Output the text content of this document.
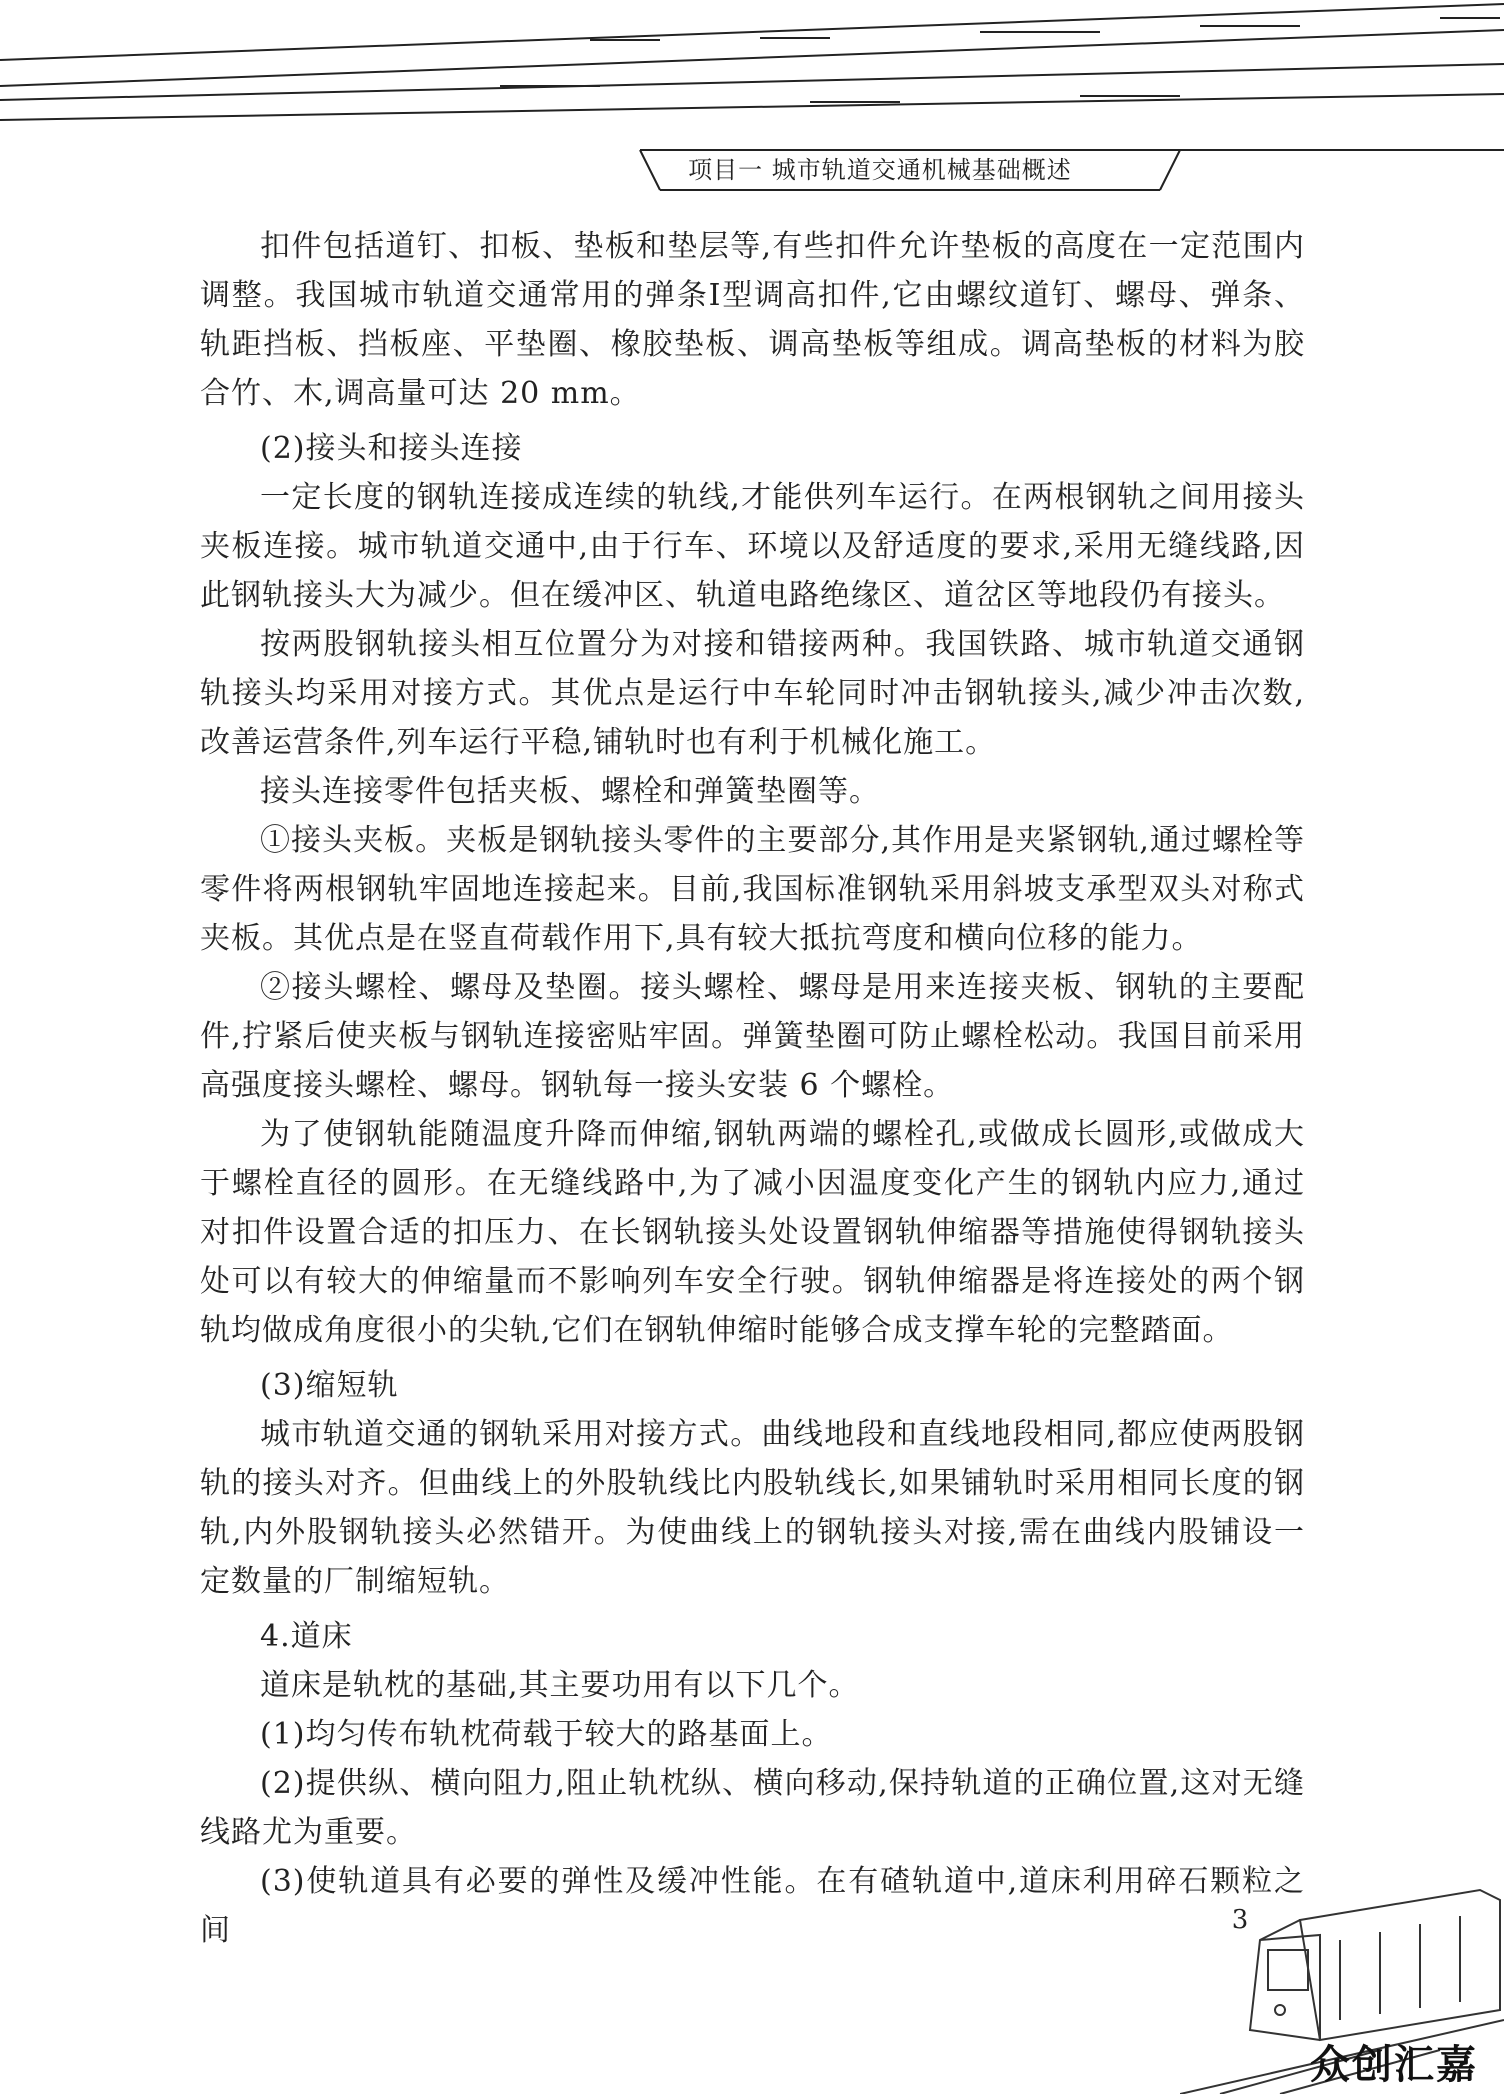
项目一 城市轨道交通机械基础概述

扣件包括道钉、扣板、垫板和垫层等,有些扣件允许垫板的高度在一定范围内调整。我国城市轨道交通常用的弹条Ⅰ型调高扣件,它由螺纹道钉、螺母、弹条、轨距挡板、挡板座、平垫圈、橡胶垫板、调高垫板等组成。调高垫板的材料为胶合竹、木,调高量可达 20 mm。

(2)接头和接头连接

一定长度的钢轨连接成连续的轨线,才能供列车运行。在两根钢轨之间用接头夹板连接。城市轨道交通中,由于行车、环境以及舒适度的要求,采用无缝线路,因此钢轨接头大为减少。但在缓冲区、轨道电路绝缘区、道岔区等地段仍有接头。

按两股钢轨接头相互位置分为对接和错接两种。我国铁路、城市轨道交通钢轨接头均采用对接方式。其优点是运行中车轮同时冲击钢轨接头,减少冲击次数,改善运营条件,列车运行平稳,铺轨时也有利于机械化施工。

接头连接零件包括夹板、螺栓和弹簧垫圈等。

①接头夹板。夹板是钢轨接头零件的主要部分,其作用是夹紧钢轨,通过螺栓等零件将两根钢轨牢固地连接起来。目前,我国标准钢轨采用斜坡支承型双头对称式夹板。其优点是在竖直荷载作用下,具有较大抵抗弯度和横向位移的能力。

②接头螺栓、螺母及垫圈。接头螺栓、螺母是用来连接夹板、钢轨的主要配件,拧紧后使夹板与钢轨连接密贴牢固。弹簧垫圈可防止螺栓松动。我国目前采用高强度接头螺栓、螺母。钢轨每一接头安装 6 个螺栓。

为了使钢轨能随温度升降而伸缩,钢轨两端的螺栓孔,或做成长圆形,或做成大于螺栓直径的圆形。在无缝线路中,为了减小因温度变化产生的钢轨内应力,通过对扣件设置合适的扣压力、在长钢轨接头处设置钢轨伸缩器等措施使得钢轨接头处可以有较大的伸缩量而不影响列车安全行驶。钢轨伸缩器是将连接处的两个钢轨均做成角度很小的尖轨,它们在钢轨伸缩时能够合成支撑车轮的完整踏面。

(3)缩短轨

城市轨道交通的钢轨采用对接方式。曲线地段和直线地段相同,都应使两股钢轨的接头对齐。但曲线上的外股轨线比内股轨线长,如果铺轨时采用相同长度的钢轨,内外股钢轨接头必然错开。为使曲线上的钢轨接头对接,需在曲线内股铺设一定数量的厂制缩短轨。

4.道床

道床是轨枕的基础,其主要功用有以下几个。

(1)均匀传布轨枕荷载于较大的路基面上。

(2)提供纵、横向阻力,阻止轨枕纵、横向移动,保持轨道的正确位置,这对无缝线路尤为重要。

(3)使轨道具有必要的弹性及缓冲性能。在有碴轨道中,道床利用碎石颗粒之间	3
众创汇嘉
